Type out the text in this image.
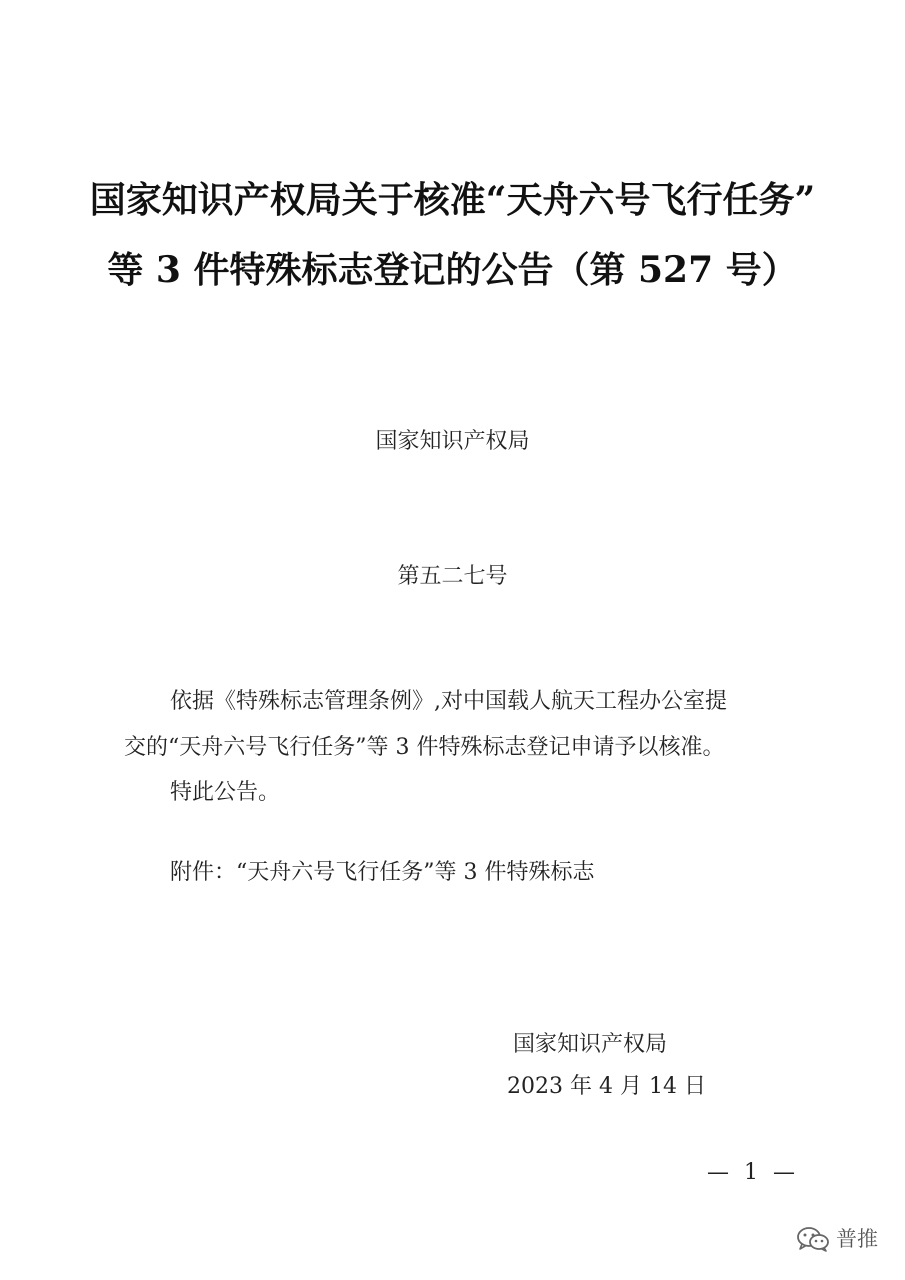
国家知识产权局关于核准“天舟六号飞行任务”
等 3 件特殊标志登记的公告（第 527 号）
国家知识产权局
第五二七号
依据《特殊标志管理条例》,对中国载人航天工程办公室提
交的“天舟六号飞行任务”等 3 件特殊标志登记申请予以核准。
特此公告。
附件：“天舟六号飞行任务”等 3 件特殊标志
国家知识产权局
2023 年 4 月 14 日
— 1 —
普推
